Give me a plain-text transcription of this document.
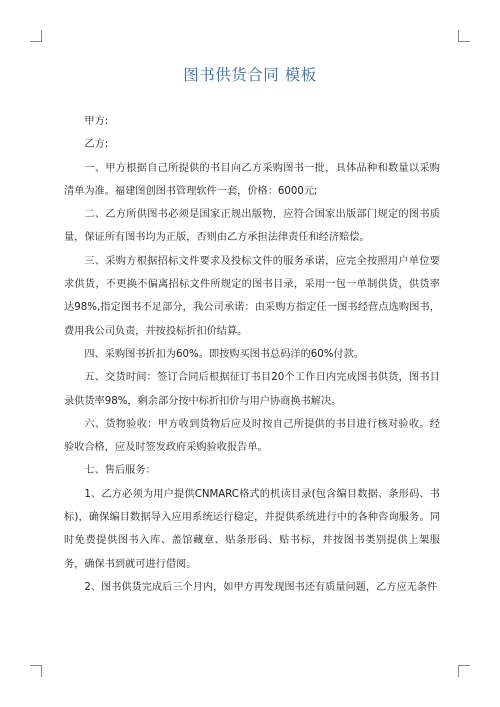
图书供货合同 模板

甲方:

乙方:

一、甲方根据自己所提供的书目向乙方采购图书一批，具体品种和数量以采购清单为准。福建图创图书管理软件一套，价格：6000元;

二、乙方所供图书必须是国家正规出版物，应符合国家出版部门规定的图书质量，保证所有图书均为正版，否则由乙方承担法律责任和经济赔偿。

三、采购方根据招标文件要求及投标文件的服务承诺，应完全按照用户单位要求供货，不更换不偏离招标文件所规定的图书目录，采用一包一单制供货，供货率达98%,指定图书不足部分，我公司承诺：由采购方指定任一图书经营点选购图书，费用我公司负责，并按投标折扣价结算。

四、采购图书折扣为60%。即按购买图书总码洋的60%付款。

五、交货时间：签订合同后根据征订书目20个工作日内完成图书供货，图书目录供货率98%，剩余部分按中标折扣价与用户协商换书解决。

六、货物验收：甲方收到货物后应及时按自己所提供的书目进行核对验收。经验收合格，应及时签发政府采购验收报告单。

七、售后服务：

1、乙方必须为用户提供CNMARC格式的机读目录(包含编目数据、条形码、书标)，确保编目数据导入应用系统运行稳定，并提供系统进行中的各种咨询服务。同时免费提供图书入库、盖馆藏章、贴条形码、贴书标，并按图书类别提供上架服务，确保书到就可进行借阅。

2、图书供货完成后三个月内，如甲方再发现图书还有质量问题，乙方应无条件
